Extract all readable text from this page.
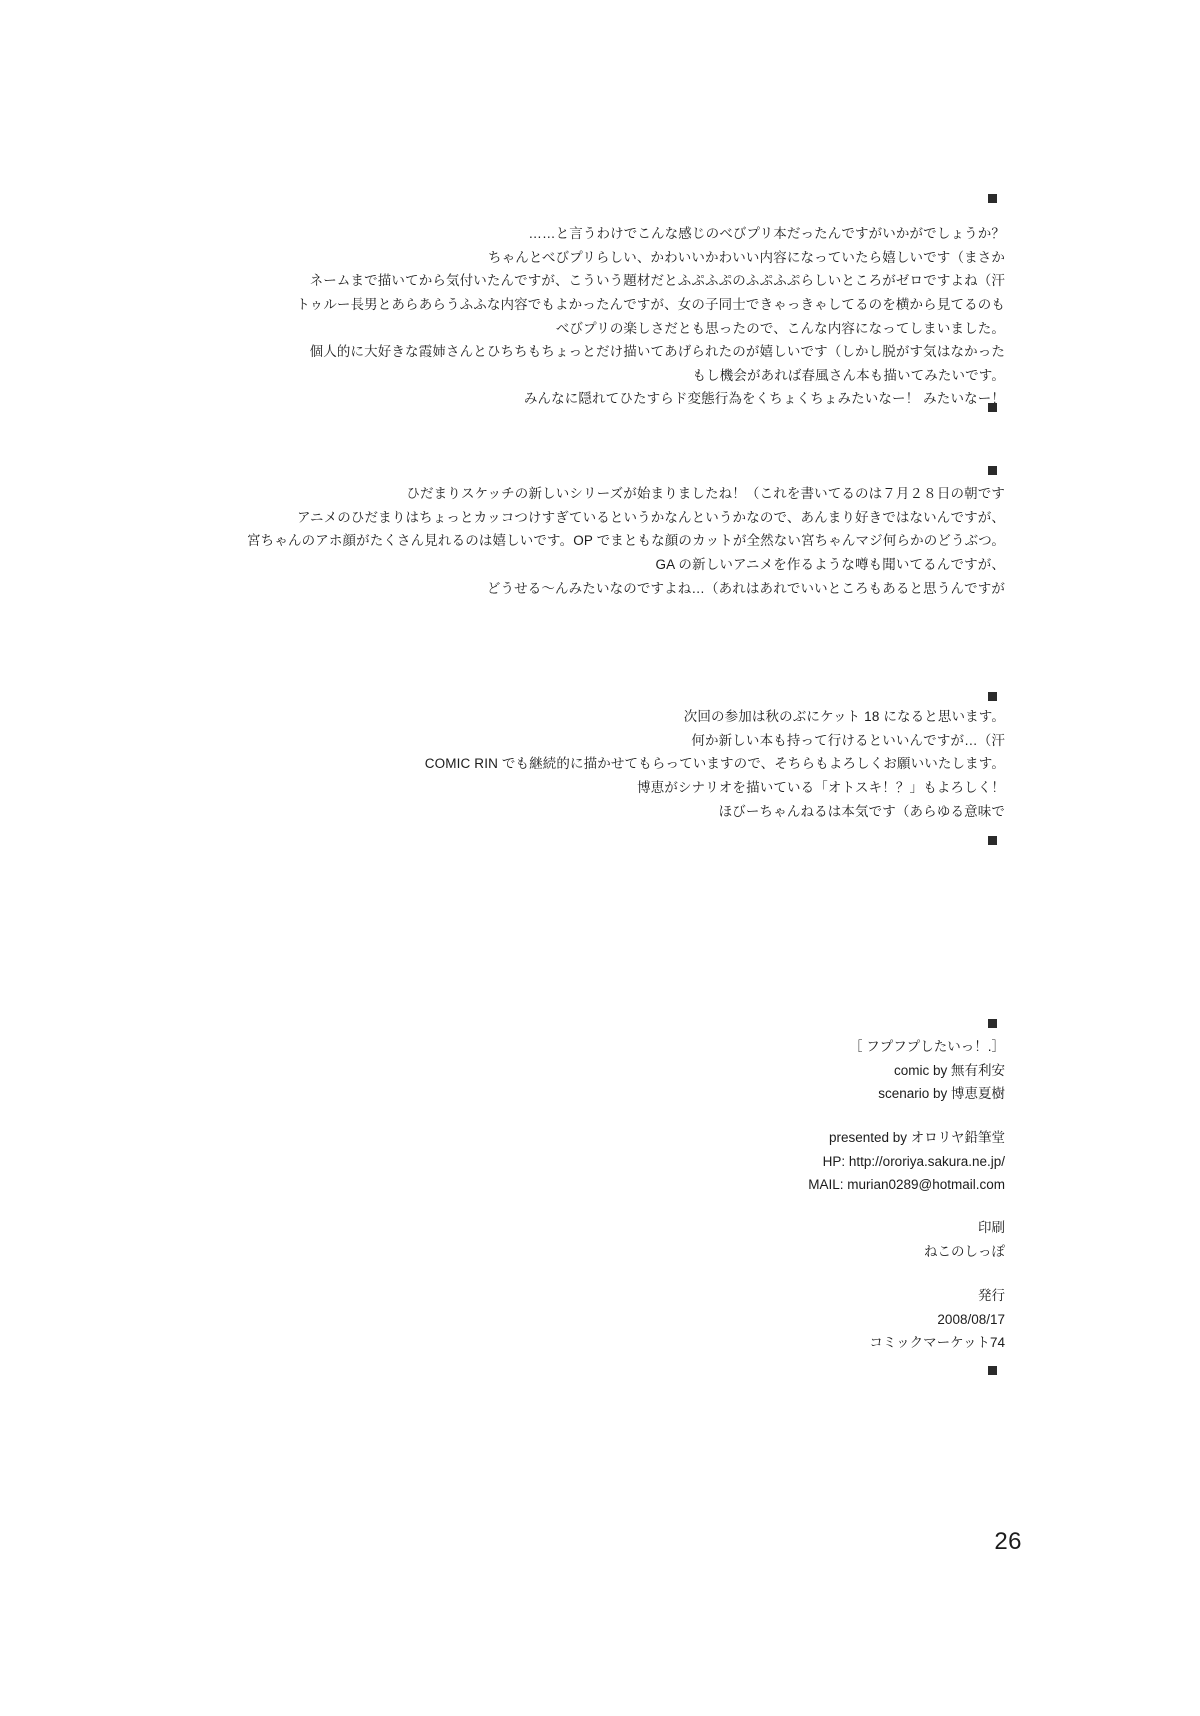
……と言うわけでこんな感じのべびプリ本だったんですがいかがでしょうか？

ちゃんとべびプリらしい、かわいいかわいい内容になっていたら嬉しいです（まさか

ネームまで描いてから気付いたんですが、こういう題材だとふぷふぷのふぷふぷらしいところがゼロですよね（汗

トゥルー長男とあらあらうふふな内容でもよかったんですが、女の子同士できゃっきゃしてるのを横から見てるのも

べびプリの楽しさだとも思ったので、こんな内容になってしまいました。

個人的に大好きな霞姉さんとひちちもちょっとだけ描いてあげられたのが嬉しいです（しかし脱がす気はなかった

もし機会があれば春風さん本も描いてみたいです。

みんなに隠れてひたすらド変態行為をくちょくちょみたいなー！ みたいなー！

ひだまりスケッチの新しいシリーズが始まりましたね！（これを書いてるのは７月２８日の朝です

アニメのひだまりはちょっとカッコつけすぎているというかなんというかなので、あんまり好きではないんですが、

宮ちゃんのアホ顔がたくさん見れるのは嬉しいです。OP でまともな顔のカットが全然ない宮ちゃんマジ何らかのどうぶつ。

GA の新しいアニメを作るような噂も聞いてるんですが、

どうせる〜んみたいなのですよね…（あれはあれでいいところもあると思うんですが

次回の参加は秋のぶにケット 18 になると思います。

何か新しい本も持って行けるといいんですが…（汗

COMIC RIN でも継続的に描かせてもらっていますので、そちらもよろしくお願いいたします。

博恵がシナリオを描いている「オトスキ！？」もよろしく！

ほびーちゃんねるは本気です（あらゆる意味で

［ フプフプしたいっ！.］

comic by 無有利安

scenario by 博恵夏樹

presented by オロリヤ鉛筆堂

HP: http://ororiya.sakura.ne.jp/

MAIL: murian0289@hotmail.com

印刷

ねこのしっぽ

発行

2008/08/17

コミックマーケット74

26
